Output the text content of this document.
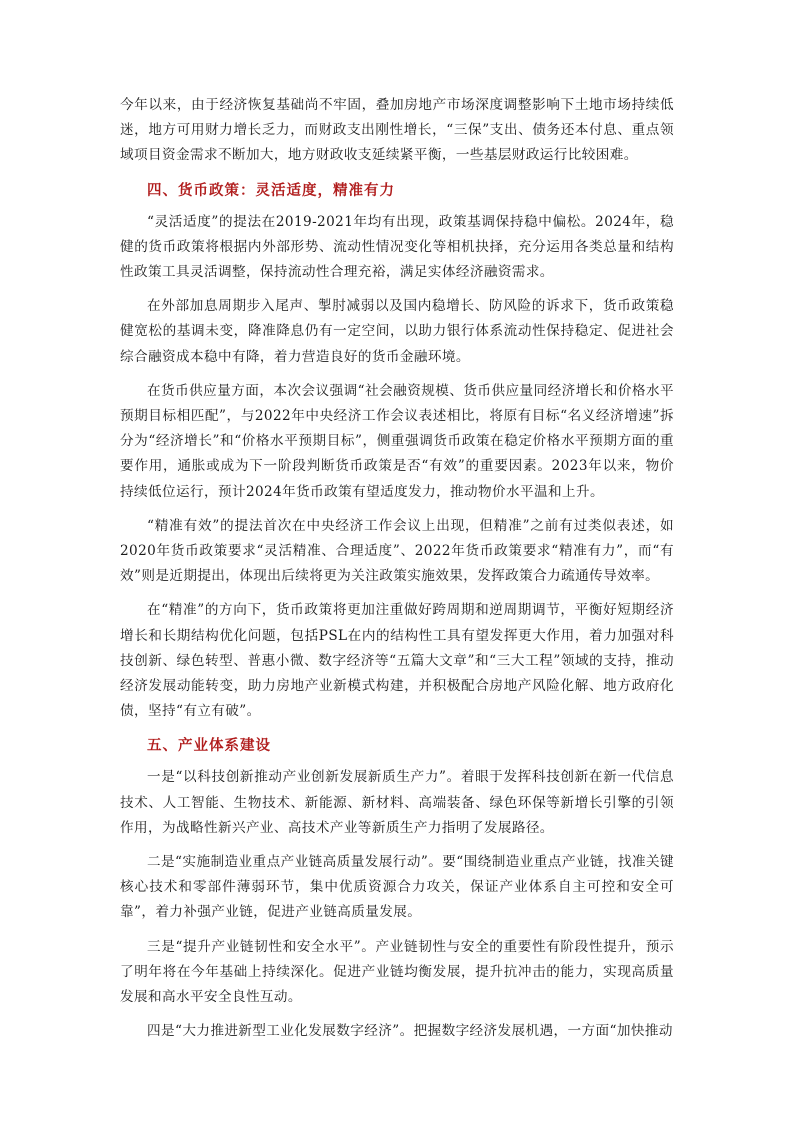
今年以来，由于经济恢复基础尚不牢固，叠加房地产市场深度调整影响下土地市场持续低迷，地方可用财力增长乏力，而财政支出刚性增长，“三保”支出、债务还本付息、重点领域项目资金需求不断加大，地方财政收支延续紧平衡，一些基层财政运行比较困难。

四、货币政策：灵活适度，精准有力

“灵活适度”的提法在2019-2021年均有出现，政策基调保持稳中偏松。2024年，稳健的货币政策将根据内外部形势、流动性情况变化等相机抉择，充分运用各类总量和结构性政策工具灵活调整，保持流动性合理充裕，满足实体经济融资需求。

在外部加息周期步入尾声、掣肘减弱以及国内稳增长、防风险的诉求下，货币政策稳健宽松的基调未变，降准降息仍有一定空间，以助力银行体系流动性保持稳定、促进社会综合融资成本稳中有降，着力营造良好的货币金融环境。

在货币供应量方面，本次会议强调“社会融资规模、货币供应量同经济增长和价格水平预期目标相匹配”，与2022年中央经济工作会议表述相比，将原有目标“名义经济增速”拆分为“经济增长”和“价格水平预期目标”，侧重强调货币政策在稳定价格水平预期方面的重要作用，通胀或成为下一阶段判断货币政策是否“有效”的重要因素。2023年以来，物价持续低位运行，预计2024年货币政策有望适度发力，推动物价水平温和上升。

“精准有效”的提法首次在中央经济工作会议上出现，但精准”之前有过类似表述，如2020年货币政策要求“灵活精准、合理适度”、2022年货币政策要求“精准有力”，而“有效”则是近期提出，体现出后续将更为关注政策实施效果，发挥政策合力疏通传导效率。

在“精准”的方向下，货币政策将更加注重做好跨周期和逆周期调节，平衡好短期经济增长和长期结构优化问题，包括PSL在内的结构性工具有望发挥更大作用，着力加强对科技创新、绿色转型、普惠小微、数字经济等“五篇大文章”和“三大工程”领域的支持，推动经济发展动能转变，助力房地产业新模式构建，并积极配合房地产风险化解、地方政府化债，坚持“有立有破”。

五、产业体系建设

一是“以科技创新推动产业创新发展新质生产力”。着眼于发挥科技创新在新一代信息技术、人工智能、生物技术、新能源、新材料、高端装备、绿色环保等新增长引擎的引领作用，为战略性新兴产业、高技术产业等新质生产力指明了发展路径。

二是“实施制造业重点产业链高质量发展行动”。要“围绕制造业重点产业链，找准关键核心技术和零部件薄弱环节，集中优质资源合力攻关，保证产业体系自主可控和安全可靠”，着力补强产业链，促进产业链高质量发展。

三是“提升产业链韧性和安全水平”。产业链韧性与安全的重要性有阶段性提升，预示了明年将在今年基础上持续深化。促进产业链均衡发展，提升抗冲击的能力，实现高质量发展和高水平安全良性互动。

四是“大力推进新型工业化发展数字经济”。把握数字经济发展机遇，一方面“加快推动
